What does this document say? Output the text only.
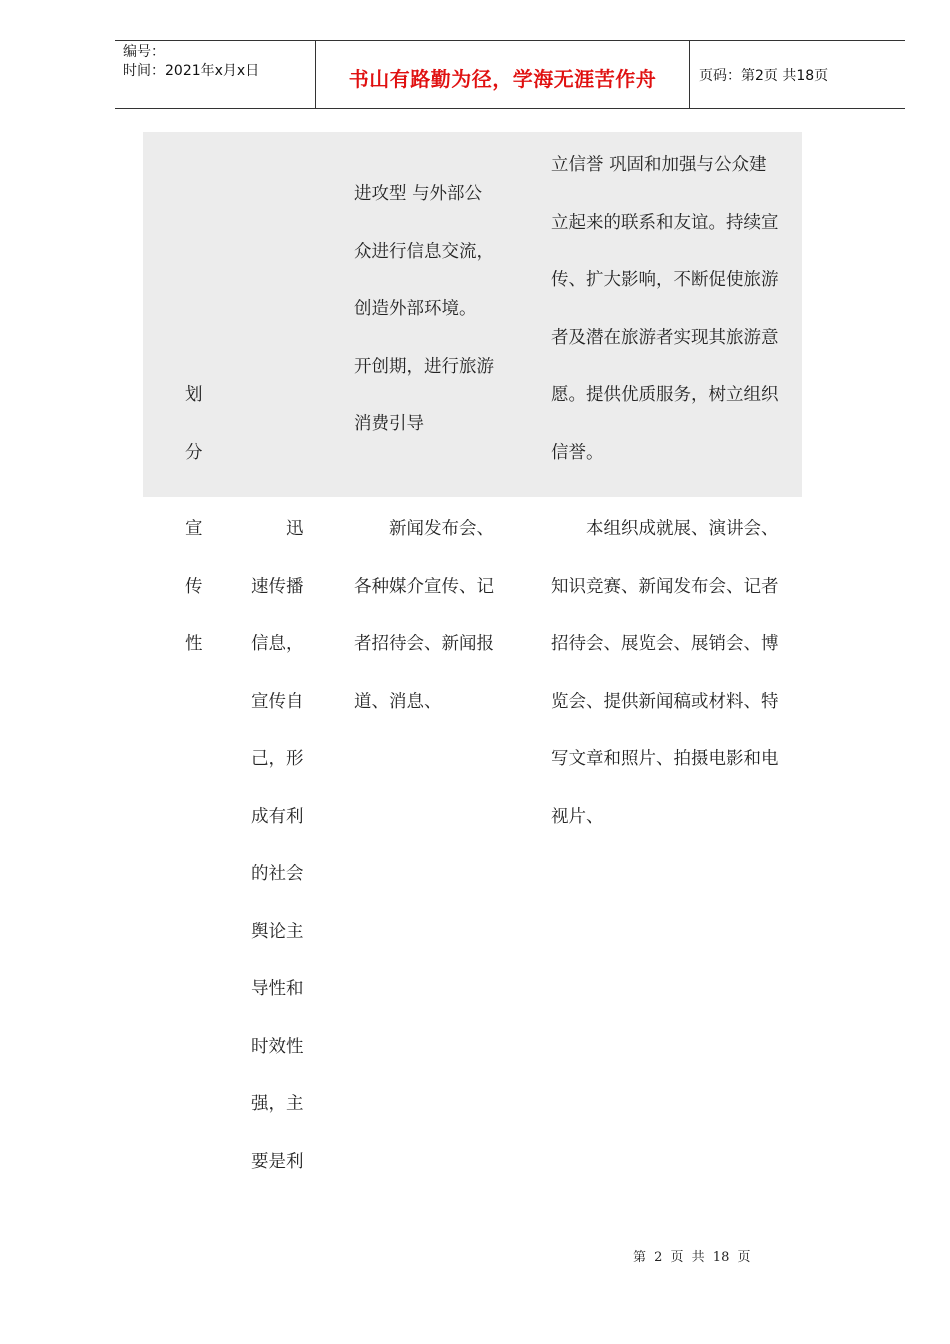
编号：
时间：2021年x月x日	书山有路勤为径，学海无涯苦作舟	页码：第2页 共18页
划
分
进攻型 与外部公
众进行信息交流，
创造外部环境。
开创期，进行旅游
消费引导
立信誉 巩固和加强与公众建
立起来的联系和友谊。持续宣
传、扩大影响，不断促使旅游
者及潜在旅游者实现其旅游意
愿。提供优质服务，树立组织
信誉。
宣
传
性
　　迅
速传播
信息，
宣传自
己，形
成有利
的社会
舆论主
导性和
时效性
强，主
要是利
　　新闻发布会、
各种媒介宣传、记
者招待会、新闻报
道、消息、
　　本组织成就展、演讲会、
知识竞赛、新闻发布会、记者
招待会、展览会、展销会、博
览会、提供新闻稿或材料、特
写文章和照片、拍摄电影和电
视片、
第 2 页 共 18 页
